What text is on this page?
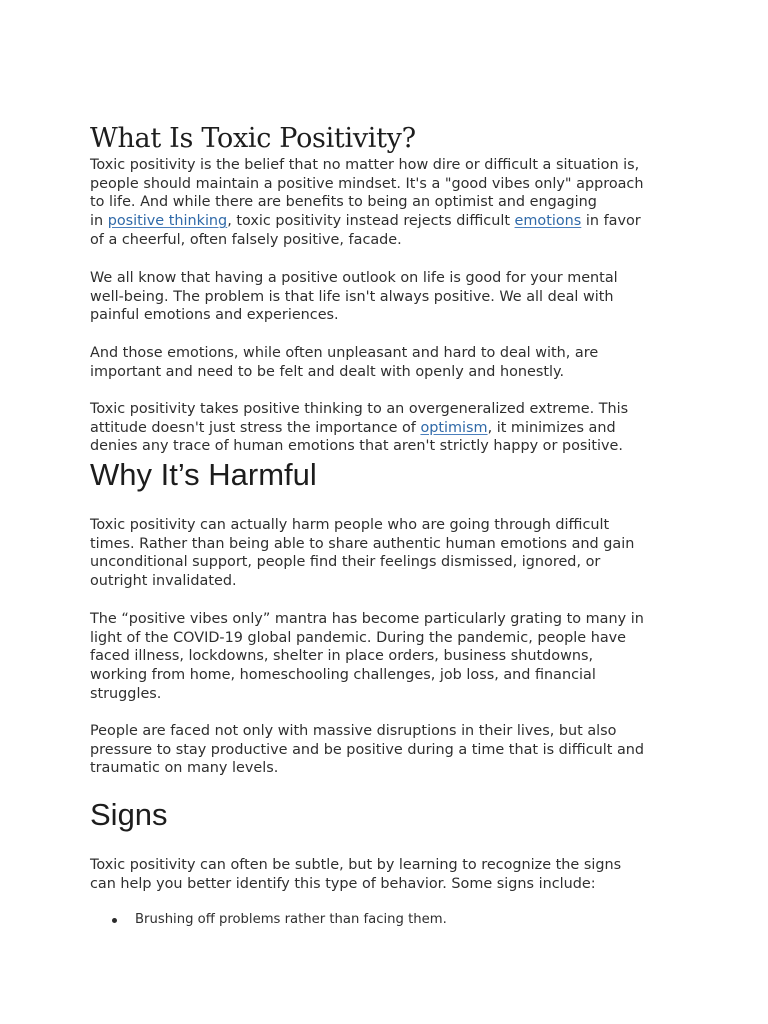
What Is Toxic Positivity?

Toxic positivity is the belief that no matter how dire or difficult a situation is,
people should maintain a positive mindset. It's a "good vibes only" approach
to life. And while there are benefits to being an optimist and engaging
in positive thinking, toxic positivity instead rejects difficult emotions in favor
of a cheerful, often falsely positive, facade.

We all know that having a positive outlook on life is good for your mental
well-being. The problem is that life isn't always positive. We all deal with
painful emotions and experiences.

And those emotions, while often unpleasant and hard to deal with, are
important and need to be felt and dealt with openly and honestly.

Toxic positivity takes positive thinking to an overgeneralized extreme. This
attitude doesn't just stress the importance of optimism, it minimizes and
denies any trace of human emotions that aren't strictly happy or positive.

Why It’s Harmful

Toxic positivity can actually harm people who are going through difficult
times. Rather than being able to share authentic human emotions and gain
unconditional support, people find their feelings dismissed, ignored, or
outright invalidated.

The “positive vibes only” mantra has become particularly grating to many in
light of the COVID-19 global pandemic. During the pandemic, people have
faced illness, lockdowns, shelter in place orders, business shutdowns,
working from home, homeschooling challenges, job loss, and financial
struggles.

People are faced not only with massive disruptions in their lives, but also
pressure to stay productive and be positive during a time that is difficult and
traumatic on many levels.

Signs

Toxic positivity can often be subtle, but by learning to recognize the signs
can help you better identify this type of behavior. Some signs include:

Brushing off problems rather than facing them.
